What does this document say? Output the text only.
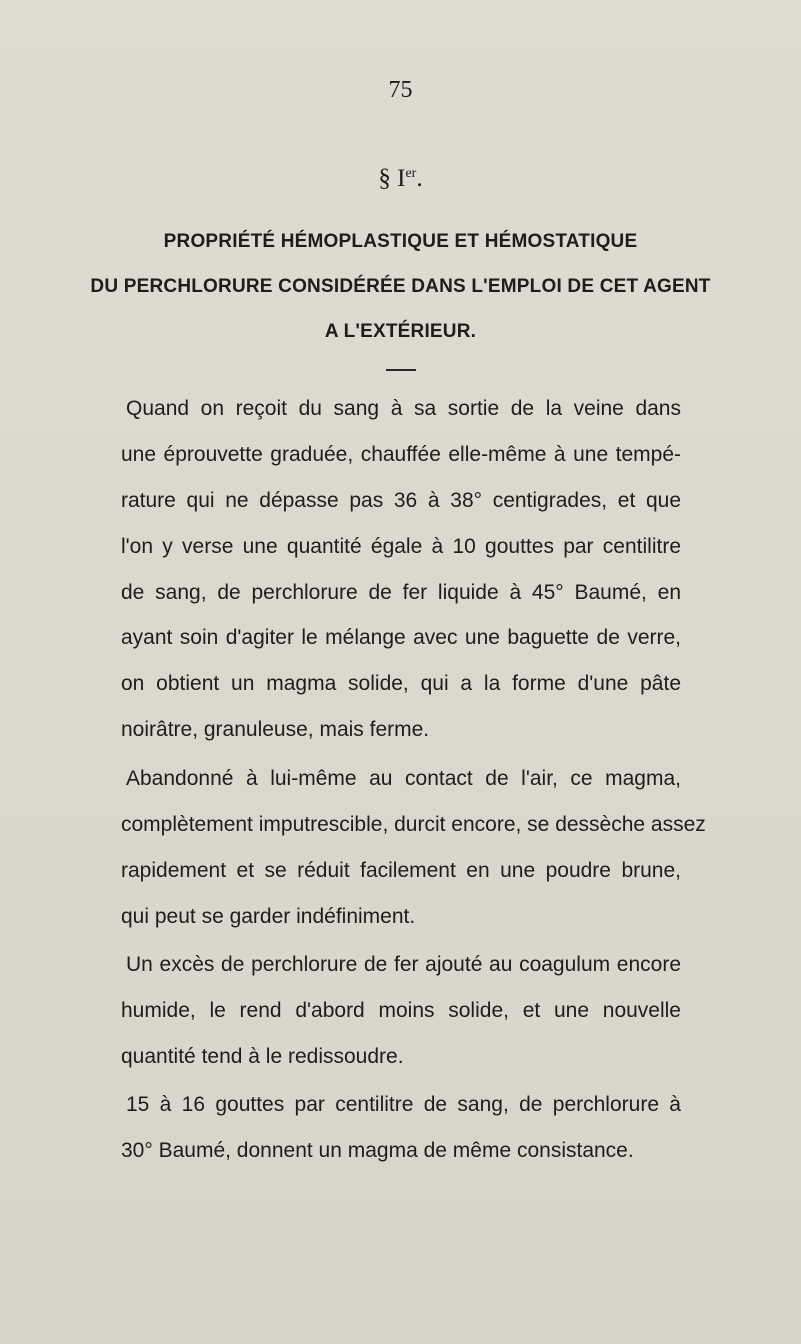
75
§ Ier.
PROPRIÉTÉ HÉMOPLASTIQUE ET HÉMOSTATIQUE
DU PERCHLORURE CONSIDÉRÉE DANS L'EMPLOI DE CET AGENT
A L'EXTÉRIEUR.
Quand on reçoit du sang à sa sortie de la veine dans
une éprouvette graduée, chauffée elle-même à une tempé-
rature qui ne dépasse pas 36 à 38° centigrades, et que
l'on y verse une quantité égale à 10 gouttes par centilitre
de sang, de perchlorure de fer liquide à 45° Baumé, en
ayant soin d'agiter le mélange avec une baguette de verre,
on obtient un magma solide, qui a la forme d'une pâte
noirâtre, granuleuse, mais ferme.
Abandonné à lui-même au contact de l'air, ce magma,
complètement imputrescible, durcit encore, se dessèche assez
rapidement et se réduit facilement en une poudre brune,
qui peut se garder indéfiniment.
Un excès de perchlorure de fer ajouté au coagulum encore
humide, le rend d'abord moins solide, et une nouvelle
quantité tend à le redissoudre.
15 à 16 gouttes par centilitre de sang, de perchlorure à
30° Baumé, donnent un magma de même consistance.
